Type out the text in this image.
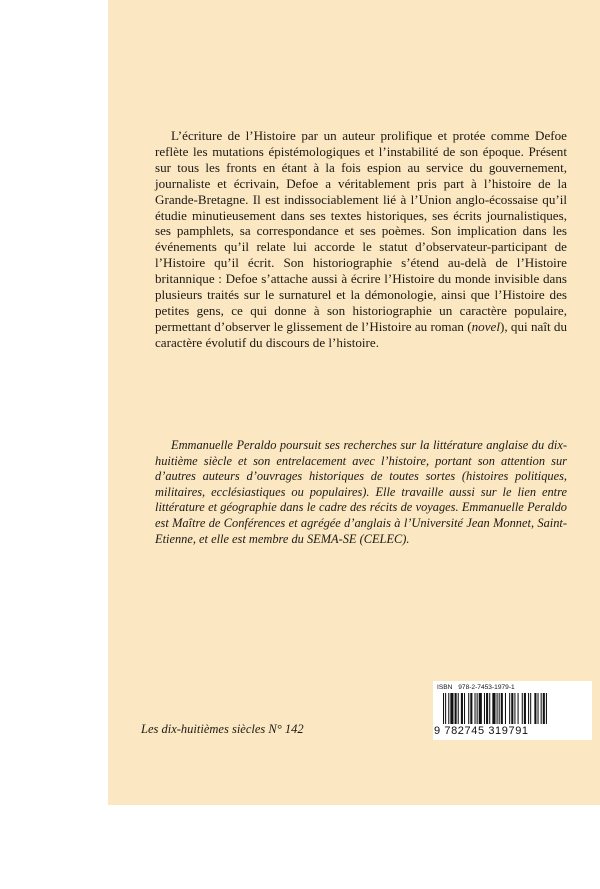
L’écriture de l’Histoire par un auteur prolifique et protée comme Defoe reflète les mutations épistémologiques et l’instabilité de son époque. Présent sur tous les fronts en étant à la fois espion au service du gouvernement, journaliste et écrivain, Defoe a véritablement pris part à l’histoire de la Grande-Bretagne. Il est indissociablement lié à l’Union anglo-écossaise qu’il étudie minutieusement dans ses textes historiques, ses écrits journalistiques, ses pamphlets, sa correspondance et ses poèmes. Son implication dans les événements qu’il relate lui accorde le statut d’observateur-participant de l’Histoire qu’il écrit. Son historiographie s’étend au-delà de l’Histoire britannique : Defoe s’attache aussi à écrire l’Histoire du monde invisible dans plusieurs traités sur le surnaturel et la démonologie, ainsi que l’Histoire des petites gens, ce qui donne à son historiographie un caractère populaire, permettant d’observer le glissement de l’Histoire au roman (novel), qui naît du caractère évolutif du discours de l’histoire.

Emmanuelle Peraldo poursuit ses recherches sur la littérature anglaise du dix-huitième siècle et son entrelacement avec l’histoire, portant son attention sur d’autres auteurs d’ouvrages historiques de toutes sortes (histoires politiques, militaires, ecclésiastiques ou populaires). Elle travaille aussi sur le lien entre littérature et géographie dans le cadre des récits de voyages. Emmanuelle Peraldo est Maître de Conférences et agrégée d’anglais à l’Université Jean Monnet, Saint-Etienne, et elle est membre du SEMA-SE (CELEC).

Les dix-huitièmes siècles N° 142
ISBN 978-2-7453-1979-1
9 782745 319791
